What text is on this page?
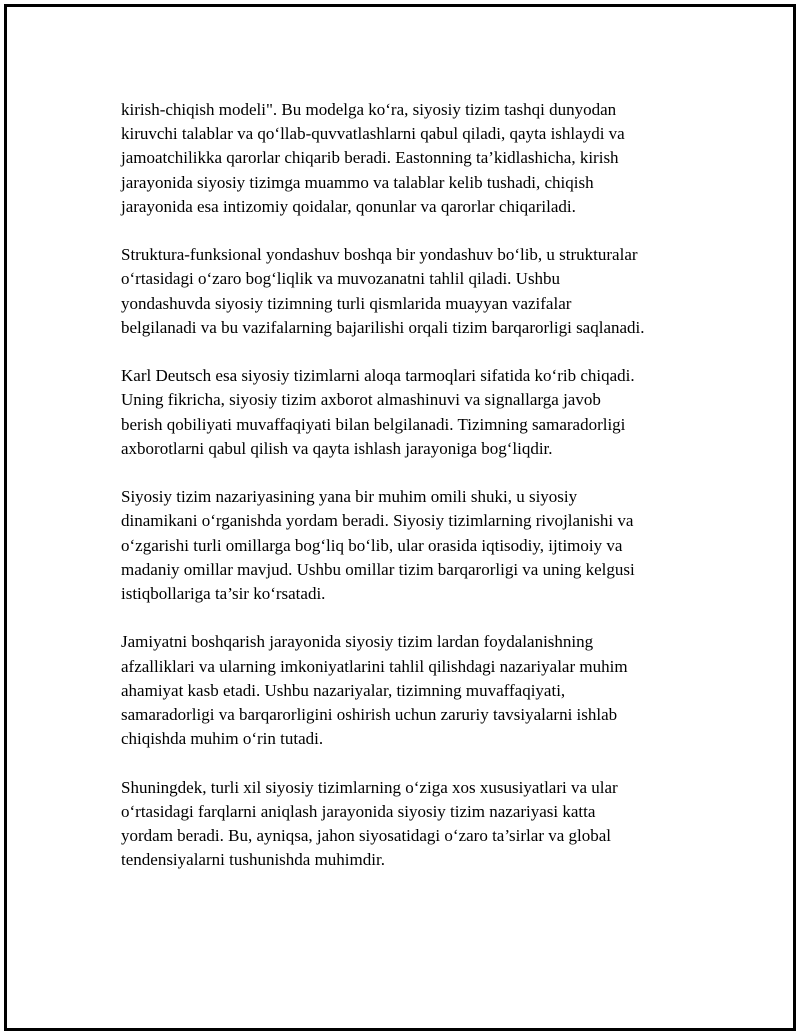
kirish-chiqish modeli". Bu modelga ko‘ra, siyosiy tizim tashqi dunyodan
kiruvchi talablar va qo‘llab-quvvatlashlarni qabul qiladi, qayta ishlaydi va
jamoatchilikka qarorlar chiqarib beradi. Eastonning ta’kidlashicha, kirish
jarayonida siyosiy tizimga muammo va talablar kelib tushadi, chiqish
jarayonida esa intizomiy qoidalar, qonunlar va qarorlar chiqariladi.

Struktura-funksional yondashuv boshqa bir yondashuv bo‘lib, u strukturalar
o‘rtasidagi o‘zaro bog‘liqlik va muvozanatni tahlil qiladi. Ushbu
yondashuvda siyosiy tizimning turli qismlarida muayyan vazifalar
belgilanadi va bu vazifalarning bajarilishi orqali tizim barqarorligi saqlanadi.

Karl Deutsch esa siyosiy tizimlarni aloqa tarmoqlari sifatida ko‘rib chiqadi.
Uning fikricha, siyosiy tizim axborot almashinuvi va signallarga javob
berish qobiliyati muvaffaqiyati bilan belgilanadi. Tizimning samaradorligi
axborotlarni qabul qilish va qayta ishlash jarayoniga bog‘liqdir.

Siyosiy tizim nazariyasining yana bir muhim omili shuki, u siyosiy
dinamikani o‘rganishda yordam beradi. Siyosiy tizimlarning rivojlanishi va
o‘zgarishi turli omillarga bog‘liq bo‘lib, ular orasida iqtisodiy, ijtimoiy va
madaniy omillar mavjud. Ushbu omillar tizim barqarorligi va uning kelgusi
istiqbollariga ta’sir ko‘rsatadi.

Jamiyatni boshqarish jarayonida siyosiy tizim lardan foydalanishning
afzalliklari va ularning imkoniyatlarini tahlil qilishdagi nazariyalar muhim
ahamiyat kasb etadi. Ushbu nazariyalar, tizimning muvaffaqiyati,
samaradorligi va barqarorligini oshirish uchun zaruriy tavsiyalarni ishlab
chiqishda muhim o‘rin tutadi.

Shuningdek, turli xil siyosiy tizimlarning o‘ziga xos xususiyatlari va ular
o‘rtasidagi farqlarni aniqlash jarayonida siyosiy tizim nazariyasi katta
yordam beradi. Bu, ayniqsa, jahon siyosatidagi o‘zaro ta’sirlar va global
tendensiyalarni tushunishda muhimdir.
